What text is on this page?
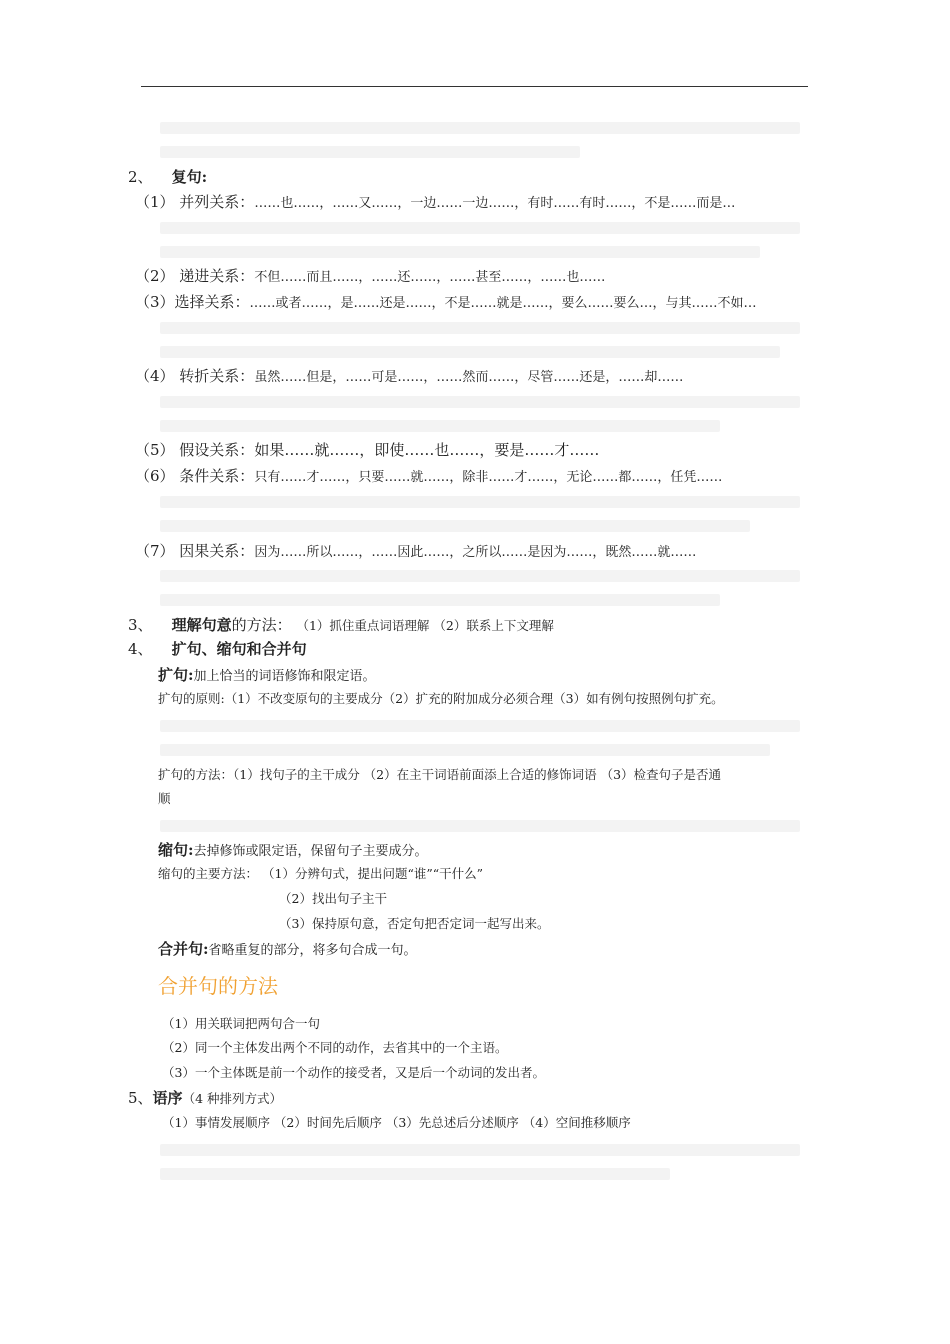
2、 复句:
（1） 并列关系：……也……，……又……，一边……一边……，有时……有时……，不是……而是…
（2） 递进关系：不但……而且……，……还……，……甚至……，……也……
（3）选择关系：……或者……，是……还是……，不是……就是……，要么……要么…，与其……不如…
（4） 转折关系：虽然……但是，……可是……，……然而……，尽管……还是，……却……
（5） 假设关系：如果……就……，即使……也……，要是……才……
（6） 条件关系：只有……才……，只要……就……，除非……才……，无论……都……，任凭……
（7） 因果关系：因为……所以……，……因此……，之所以……是因为……，既然……就……
3、 理解句意的方法： （1）抓住重点词语理解 （2）联系上下文理解
4、 扩句、缩句和合并句
扩句:加上恰当的词语修饰和限定语。
扩句的原则:（1）不改变原句的主要成分（2）扩充的附加成分必须合理（3）如有例句按照例句扩充。
扩句的方法：（1）找句子的主干成分 （2）在主干词语前面添上合适的修饰词语 （3）检查句子是否通
顺
缩句:去掉修饰或限定语，保留句子主要成分。
缩句的主要方法： （1）分辨句式，提出问题“谁”“干什么”
（2）找出句子主干
（3）保持原句意，否定句把否定词一起写出来。
合并句:省略重复的部分，将多句合成一句。
合并句的方法
（1）用关联词把两句合一句
（2）同一个主体发出两个不同的动作，去省其中的一个主语。
（3）一个主体既是前一个动作的接受者，又是后一个动词的发出者。
5、语序（4 种排列方式）
（1）事情发展顺序 （2）时间先后顺序 （3）先总述后分述顺序 （4）空间推移顺序
